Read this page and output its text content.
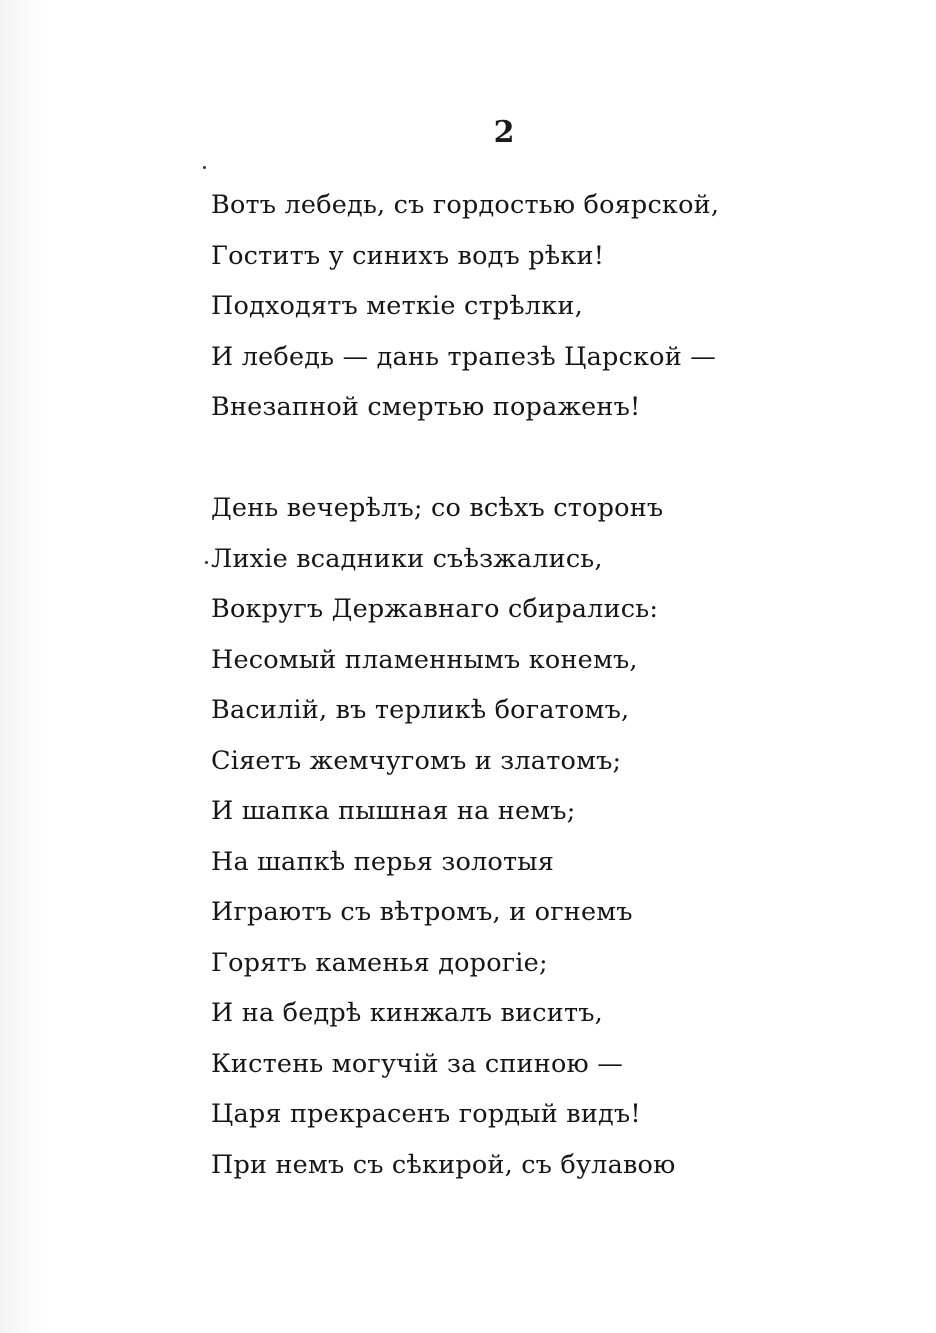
2
Вотъ лебедь, съ гордостью боярской,
Гоститъ у синихъ водъ рѣки!
Подходятъ меткіе стрѣлки,
И лебедь — дань трапезѣ Царской —
Внезапной смертью пораженъ!
День вечерѣлъ; со всѣхъ сторонъ
Лихіе всадники съѣзжались,
Вокругъ Державнаго сбирались:
Несомый пламеннымъ конемъ,
Василій, въ терликѣ богатомъ,
Сіяетъ жемчугомъ и златомъ;
И шапка пышная на немъ;
На шапкѣ перья золотыя
Играютъ съ вѣтромъ, и огнемъ
Горятъ каменья дорогіе;
И на бедрѣ кинжалъ виситъ,
Кистень могучій за спиною —
Царя прекрасенъ гордый видъ!
При немъ съ сѣкирой, съ булавою
